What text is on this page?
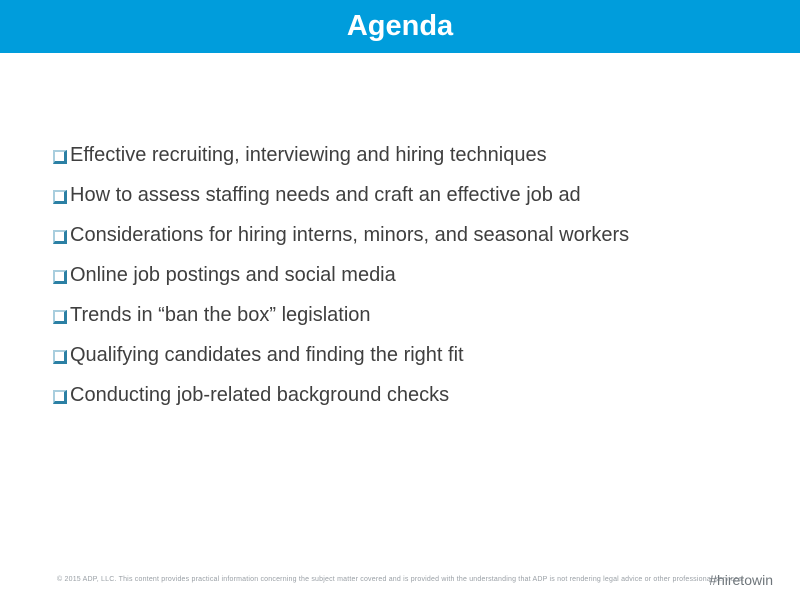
Agenda
Effective recruiting, interviewing and hiring techniques
How to assess staffing needs and craft an effective job ad
Considerations for hiring interns, minors, and seasonal workers
Online job postings and social media
Trends in “ban the box” legislation
Qualifying candidates and finding the right fit
Conducting job-related background checks
© 2015 ADP, LLC. This content provides practical information concerning the subject matter covered and is provided with the understanding that ADP is not rendering legal advice or other professional services.
#hiretowin
